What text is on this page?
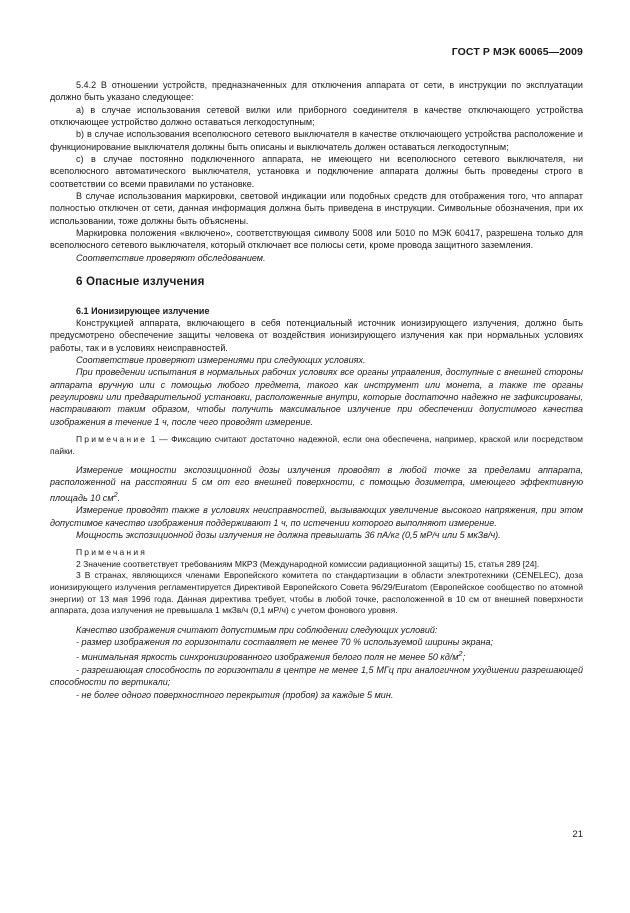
ГОСТ Р МЭК 60065—2009

5.4.2 В отношении устройств, предназначенных для отключения аппарата от сети, в инструкции по эксплуатации должно быть указано следующее:

a) в случае использования сетевой вилки или приборного соединителя в качестве отключающего устройства отключающее устройство должно оставаться легкодоступным;

b) в случае использования всеполюсного сетевого выключателя в качестве отключающего устройства расположение и функционирование выключателя должны быть описаны и выключатель должен оставаться легкодоступным;

c) в случае постоянно подключенного аппарата, не имеющего ни всеполюсного сетевого выключателя, ни всеполюсного автоматического выключателя, установка и подключение аппарата должны быть проведены строго в соответствии со всеми правилами по установке.

В случае использования маркировки, световой индикации или подобных средств для отображения того, что аппарат полностью отключен от сети, данная информация должна быть приведена в инструкции. Символьные обозначения, при их использовании, тоже должны быть объяснены.

Маркировка положения «включено», соответствующая символу 5008 или 5010 по МЭК 60417, разрешена только для всеполюсного сетевого выключателя, который отключает все полюсы сети, кроме провода защитного заземления.

Соответствие проверяют обследованием.

6 Опасные излучения

6.1 Ионизирующее излучение

Конструкцией аппарата, включающего в себя потенциальный источник ионизирующего излучения, должно быть предусмотрено обеспечение защиты человека от воздействия ионизирующего излучения как при нормальных условиях работы, так и в условиях неисправностей.

Соответствие проверяют измерениями при следующих условиях.

При проведении испытания в нормальных рабочих условиях все органы управления, доступные с внешней стороны аппарата вручную или с помощью любого предмета, такого как инструмент или монета, а также те органы регулировки или предварительной установки, расположенные внутри, которые достаточно надежно не зафиксированы, настраивают таким образом, чтобы получить максимальное излучение при обеспечении допустимого качества изображения в течение 1 ч, после чего проводят измерение.

Примечание 1 — Фиксацию считают достаточно надежной, если она обеспечена, например, краской или посредством пайки.

Измерение мощности экспозиционной дозы излучения проводят в любой точке за пределами аппарата, расположенной на расстоянии 5 см от его внешней поверхности, с помощью дозиметра, имеющего эффективную площадь 10 $см^2$.

Измерение проводят также в условиях неисправностей, вызывающих увеличение высокого напряжения, при этом допустимое качество изображения поддерживают 1 ч, по истечении которого выполняют измерение.

Мощность экспозиционной дозы излучения не должна превышать 36 пА/кг (0,5 мР/ч или 5 мкЗв/ч).

Примечания

2 Значение соответствует требованиям МКРЗ (Международной комиссии радиационной защиты) 15, статья 289 [24].

3 В странах, являющихся членами Европейского комитета по стандартизации в области электротехники (CENELEC), доза ионизирующего излучения регламентируется Директивой Европейского Совета 96/29/Euratom (Европейское сообщество по атомной энергии) от 13 мая 1996 года. Данная директива требует, чтобы в любой точке, расположенной в 10 см от внешней поверхности аппарата, доза излучения не превышала 1 мкЗв/ч (0,1 мР/ч) с учетом фонового уровня.

Качество изображения считают допустимым при соблюдении следующих условий:

- размер изображения по горизонтали составляет не менее 70 % используемой ширины экрана;

- минимальная яркость синхронизированного изображения белого поля не менее 50 $кд/м^2$;

- разрешающая способность по горизонтали в центре не менее 1,5 МГц при аналогичном ухудшении разрешающей способности по вертикали;

- не более одного поверхностного перекрытия (пробоя) за каждые 5 мин.

21
